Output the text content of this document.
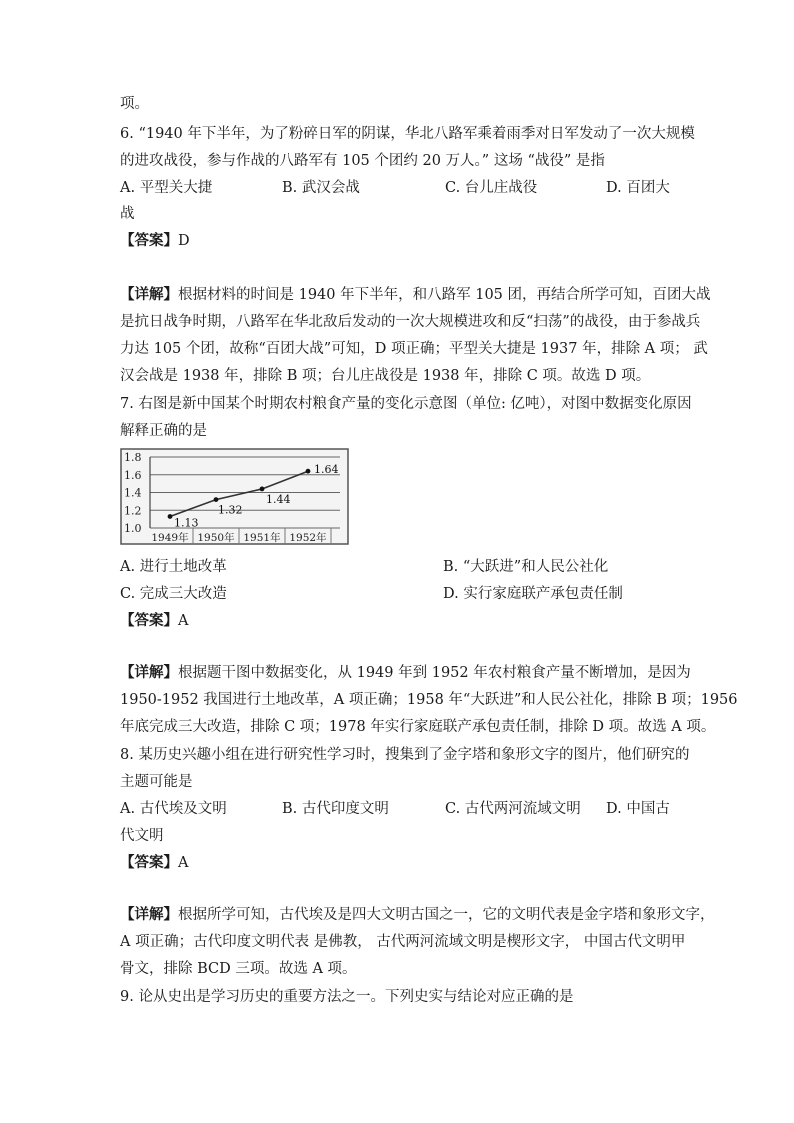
项。
6. “1940 年下半年，为了粉碎日军的阴谋，华北八路军乘着雨季对日军发动了一次大规模
的进攻战役，参与作战的八路军有 105 个团约 20 万人。” 这场 “战役” 是指
A. 平型关大捷	B. 武汉会战	C. 台儿庄战役	D. 百团大
战
【答案】D
【详解】根据材料的时间是 1940 年下半年，和八路军 105 团，再结合所学可知，百团大战
是抗日战争时期，八路军在华北敌后发动的一次大规模进攻和反“扫荡”的战役，由于参战兵
力达 105 个团，故称“百团大战”可知，D 项正确；平型关大捷是 1937 年，排除 A 项； 武
汉会战是 1938 年，排除 B 项；台儿庄战役是 1938 年，排除 C 项。故选 D 项。
7. 右图是新中国某个时期农村粮食产量的变化示意图（单位: 亿吨），对图中数据变化原因
解释正确的是
1.0
1.2
1.4
1.6
1.8
1949年 1950年 1951年 1952年
1.13
1.32
1.44
1.64
A. 进行土地改革	B. “大跃进”和人民公社化
C. 完成三大改造	D. 实行家庭联产承包责任制
【答案】A
【详解】根据题干图中数据变化，从 1949 年到 1952 年农村粮食产量不断增加，是因为
1950-1952 我国进行土地改革，A 项正确；1958 年“大跃进”和人民公社化，排除 B 项；1956
年底完成三大改造，排除 C 项；1978 年实行家庭联产承包责任制，排除 D 项。故选 A 项。
8. 某历史兴趣小组在进行研究性学习时，搜集到了金字塔和象形文字的图片，他们研究的
主题可能是
A. 古代埃及文明	B. 古代印度文明	C. 古代两河流域文明 D. 中国古
代文明
【答案】A
【详解】根据所学可知，古代埃及是四大文明古国之一，它的文明代表是金字塔和象形文字，
A 项正确；古代印度文明代表 是佛教， 古代两河流域文明是楔形文字， 中国古代文明甲
骨文，排除 BCD 三项。故选 A 项。
9. 论从史出是学习历史的重要方法之一。下列史实与结论对应正确的是
